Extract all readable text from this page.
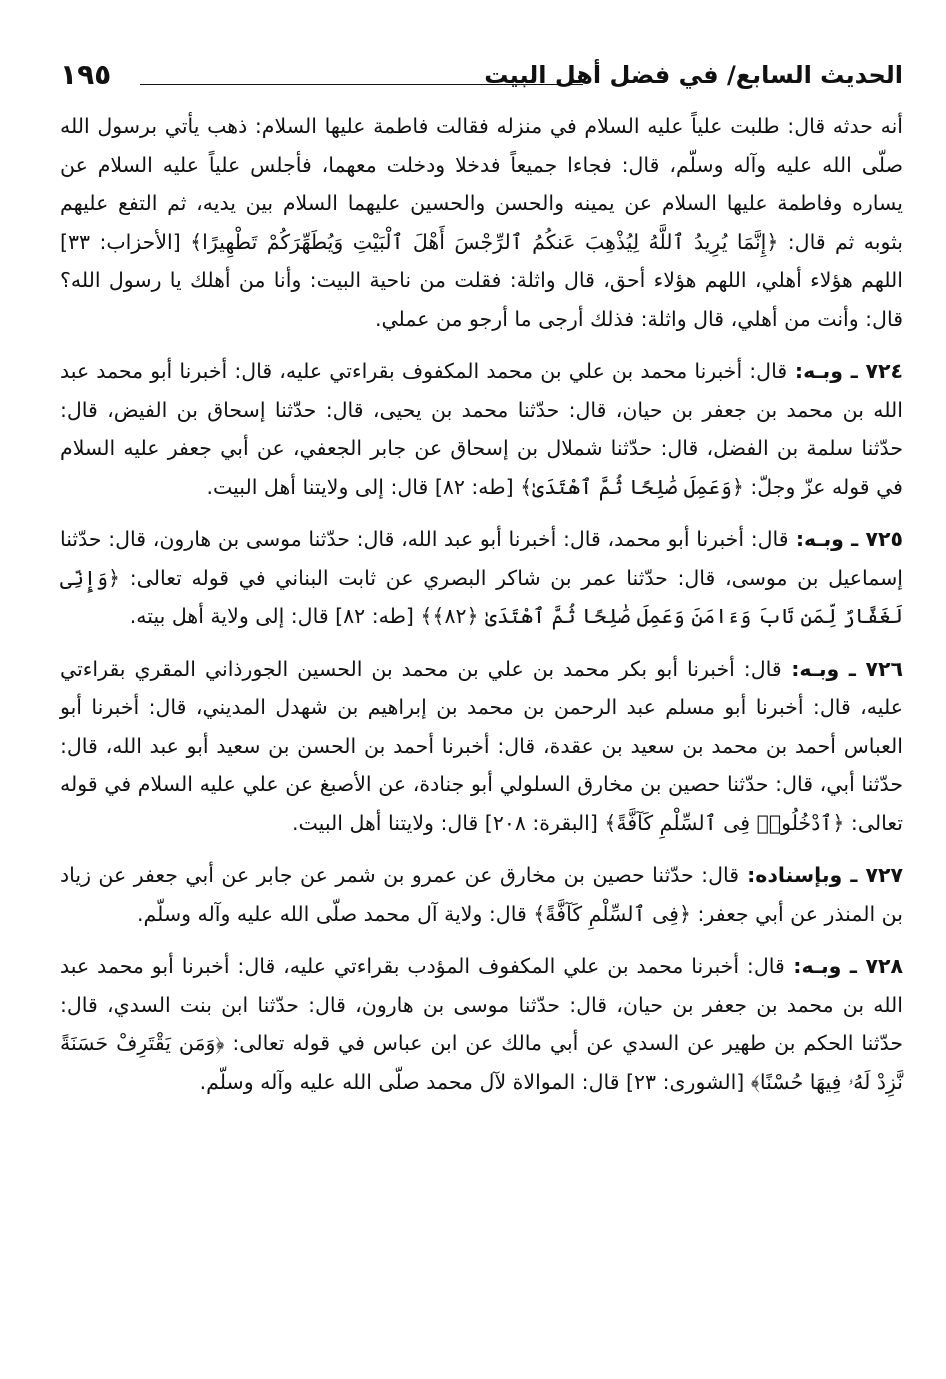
الحديث السابع/ في فضل أهل البيت
١٩٥

أنه حدثه قال: طلبت علياً عليه السلام في منزله فقالت فاطمة عليها السلام: ذهب يأتي برسول الله صلّى الله عليه وآله وسلّم، قال: فجاءا جميعاً فدخلا ودخلت معهما، فأجلس علياً عليه السلام عن يساره وفاطمة عليها السلام عن يمينه والحسن والحسين عليهما السلام بين يديه، ثم التفع عليهم بثوبه ثم قال: ﴿إِنَّمَا يُرِيدُ ٱللَّهُ لِيُذْهِبَ عَنكُمُ ٱلرِّجْسَ أَهْلَ ٱلْبَيْتِ وَيُطَهِّرَكُمْ تَطْهِيرًا﴾ [الأحزاب: ٣٣] اللهم هؤلاء أهلي، اللهم هؤلاء أحق، قال واثلة: فقلت من ناحية البيت: وأنا من أهلك يا رسول الله؟ قال: وأنت من أهلي، قال واثلة: فذلك أرجى ما أرجو من عملي.

٧٢٤ ـ وبـه: قال: أخبرنا محمد بن علي بن محمد المكفوف بقراءتي عليه، قال: أخبرنا أبو محمد عبد الله بن محمد بن جعفر بن حيان، قال: حدّثنا محمد بن يحيى، قال: حدّثنا إسحاق بن الفيض، قال: حدّثنا سلمة بن الفضل، قال: حدّثنا شملال بن إسحاق عن جابر الجعفي، عن أبي جعفر عليه السلام في قوله عزّ وجلّ: ﴿وَعَمِلَ صَٰلِحًا ثُمَّ ٱهْتَدَىٰ﴾ [طه: ٨٢] قال: إلى ولايتنا أهل البيت.

٧٢٥ ـ وبـه: قال: أخبرنا أبو محمد، قال: أخبرنا أبو عبد الله، قال: حدّثنا موسى بن هارون، قال: حدّثنا إسماعيل بن موسى، قال: حدّثنا عمر بن شاكر البصري عن ثابت البناني في قوله تعالى: ﴿وَإِنِّى لَغَفَّارٌ لِّمَن تَابَ وَءَامَنَ وَعَمِلَ صَٰلِحًا ثُمَّ ٱهْتَدَىٰ ﴿٨٢﴾﴾ [طه: ٨٢] قال: إلى ولاية أهل بيته.

٧٢٦ ـ وبـه: قال: أخبرنا أبو بكر محمد بن علي بن محمد بن الحسين الجورذاني المقري بقراءتي عليه، قال: أخبرنا أبو مسلم عبد الرحمن بن محمد بن إبراهيم بن شهدل المديني، قال: أخبرنا أبو العباس أحمد بن محمد بن سعيد بن عقدة، قال: أخبرنا أحمد بن الحسن بن سعيد أبو عبد الله، قال: حدّثنا أبي، قال: حدّثنا حصين بن مخارق السلولي أبو جنادة، عن الأصبغ عن علي عليه السلام في قوله تعالى: ﴿ٱدْخُلُوا۟ فِى ٱلسِّلْمِ كَآفَّةً﴾ [البقرة: ٢٠٨] قال: ولايتنا أهل البيت.

٧٢٧ ـ وبإسناده: قال: حدّثنا حصين بن مخارق عن عمرو بن شمر عن جابر عن أبي جعفر عن زياد بن المنذر عن أبي جعفر: ﴿فِى ٱلسِّلْمِ كَآفَّةً﴾ قال: ولاية آل محمد صلّى الله عليه وآله وسلّم.

٧٢٨ ـ وبـه: قال: أخبرنا محمد بن علي المكفوف المؤدب بقراءتي عليه، قال: أخبرنا أبو محمد عبد الله بن محمد بن جعفر بن حيان، قال: حدّثنا موسى بن هارون، قال: حدّثنا ابن بنت السدي، قال: حدّثنا الحكم بن طهير عن السدي عن أبي مالك عن ابن عباس في قوله تعالى: ﴿وَمَن يَقْتَرِفْ حَسَنَةً نَّزِدْ لَهُۥ فِيهَا حُسْنًا﴾ [الشورى: ٢٣] قال: الموالاة لآل محمد صلّى الله عليه وآله وسلّم.
